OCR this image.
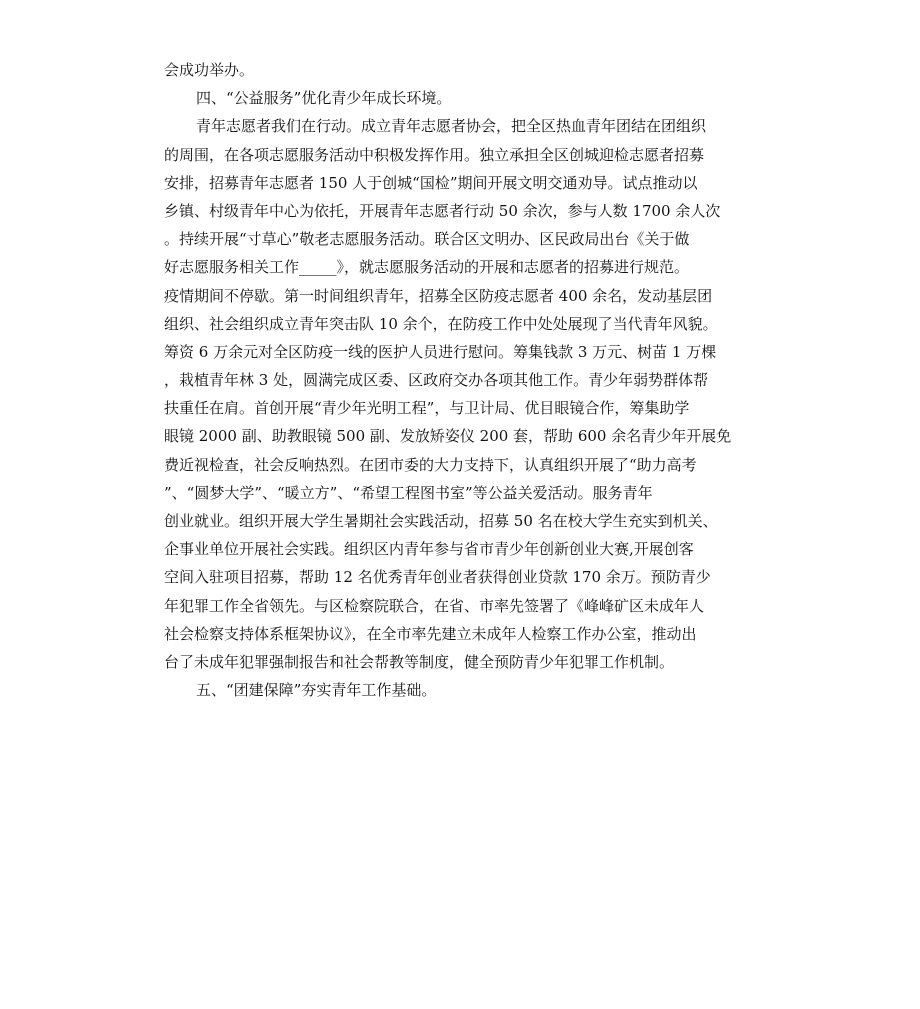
会成功举办。
四、“公益服务”优化青少年成长环境。
青年志愿者我们在行动。成立青年志愿者协会，把全区热血青年团结在团组织
的周围，在各项志愿服务活动中积极发挥作用。独立承担全区创城迎检志愿者招募
安排，招募青年志愿者 150 人于创城“国检”期间开展文明交通劝导。试点推动以
乡镇、村级青年中心为依托，开展青年志愿者行动 50 余次，参与人数 1700 余人次
。持续开展“寸草心”敬老志愿服务活动。联合区文明办、区民政局出台《关于做
好志愿服务相关工作_____》，就志愿服务活动的开展和志愿者的招募进行规范。
疫情期间不停歇。第一时间组织青年，招募全区防疫志愿者 400 余名，发动基层团
组织、社会组织成立青年突击队 10 余个，在防疫工作中处处展现了当代青年风貌。
筹资 6 万余元对全区防疫一线的医护人员进行慰问。筹集钱款 3 万元、树苗 1 万棵
，栽植青年林 3 处，圆满完成区委、区政府交办各项其他工作。青少年弱势群体帮
扶重任在肩。首创开展“青少年光明工程”，与卫计局、优目眼镜合作，筹集助学
眼镜 2000 副、助教眼镜 500 副、发放矫姿仪 200 套，帮助 600 余名青少年开展免
费近视检查，社会反响热烈。在团市委的大力支持下，认真组织开展了“助力高考
”、“圆梦大学”、“暖立方”、“希望工程图书室”等公益关爱活动。服务青年
创业就业。组织开展大学生暑期社会实践活动，招募 50 名在校大学生充实到机关、
企事业单位开展社会实践。组织区内青年参与省市青少年创新创业大赛,开展创客
空间入驻项目招募，帮助 12 名优秀青年创业者获得创业贷款 170 余万。预防青少
年犯罪工作全省领先。与区检察院联合，在省、市率先签署了《峰峰矿区未成年人
社会检察支持体系框架协议》，在全市率先建立未成年人检察工作办公室，推动出
台了未成年犯罪强制报告和社会帮教等制度，健全预防青少年犯罪工作机制。
五、“团建保障”夯实青年工作基础。
